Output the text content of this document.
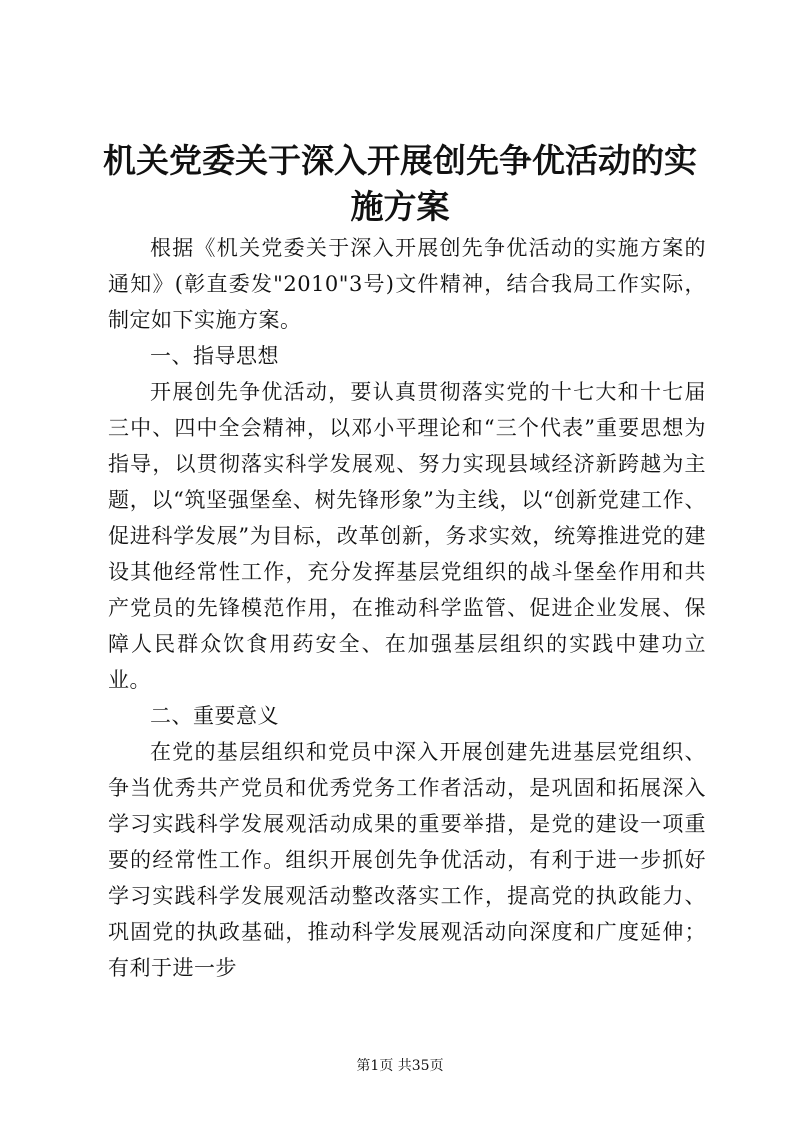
机关党委关于深入开展创先争优活动的实施方案

根据《机关党委关于深入开展创先争优活动的实施方案的通知》(彰直委发"2010"3号)文件精神，结合我局工作实际，制定如下实施方案。

一、指导思想

开展创先争优活动，要认真贯彻落实党的十七大和十七届三中、四中全会精神，以邓小平理论和“三个代表”重要思想为指导，以贯彻落实科学发展观、努力实现县域经济新跨越为主题，以“筑坚强堡垒、树先锋形象”为主线，以“创新党建工作、促进科学发展”为目标，改革创新，务求实效，统筹推进党的建设其他经常性工作，充分发挥基层党组织的战斗堡垒作用和共产党员的先锋模范作用，在推动科学监管、促进企业发展、保障人民群众饮食用药安全、在加强基层组织的实践中建功立业。

二、重要意义

在党的基层组织和党员中深入开展创建先进基层党组织、争当优秀共产党员和优秀党务工作者活动，是巩固和拓展深入学习实践科学发展观活动成果的重要举措，是党的建设一项重要的经常性工作。组织开展创先争优活动，有利于进一步抓好学习实践科学发展观活动整改落实工作，提高党的执政能力、巩固党的执政基础，推动科学发展观活动向深度和广度延伸；有利于进一步

第1页 共35页
